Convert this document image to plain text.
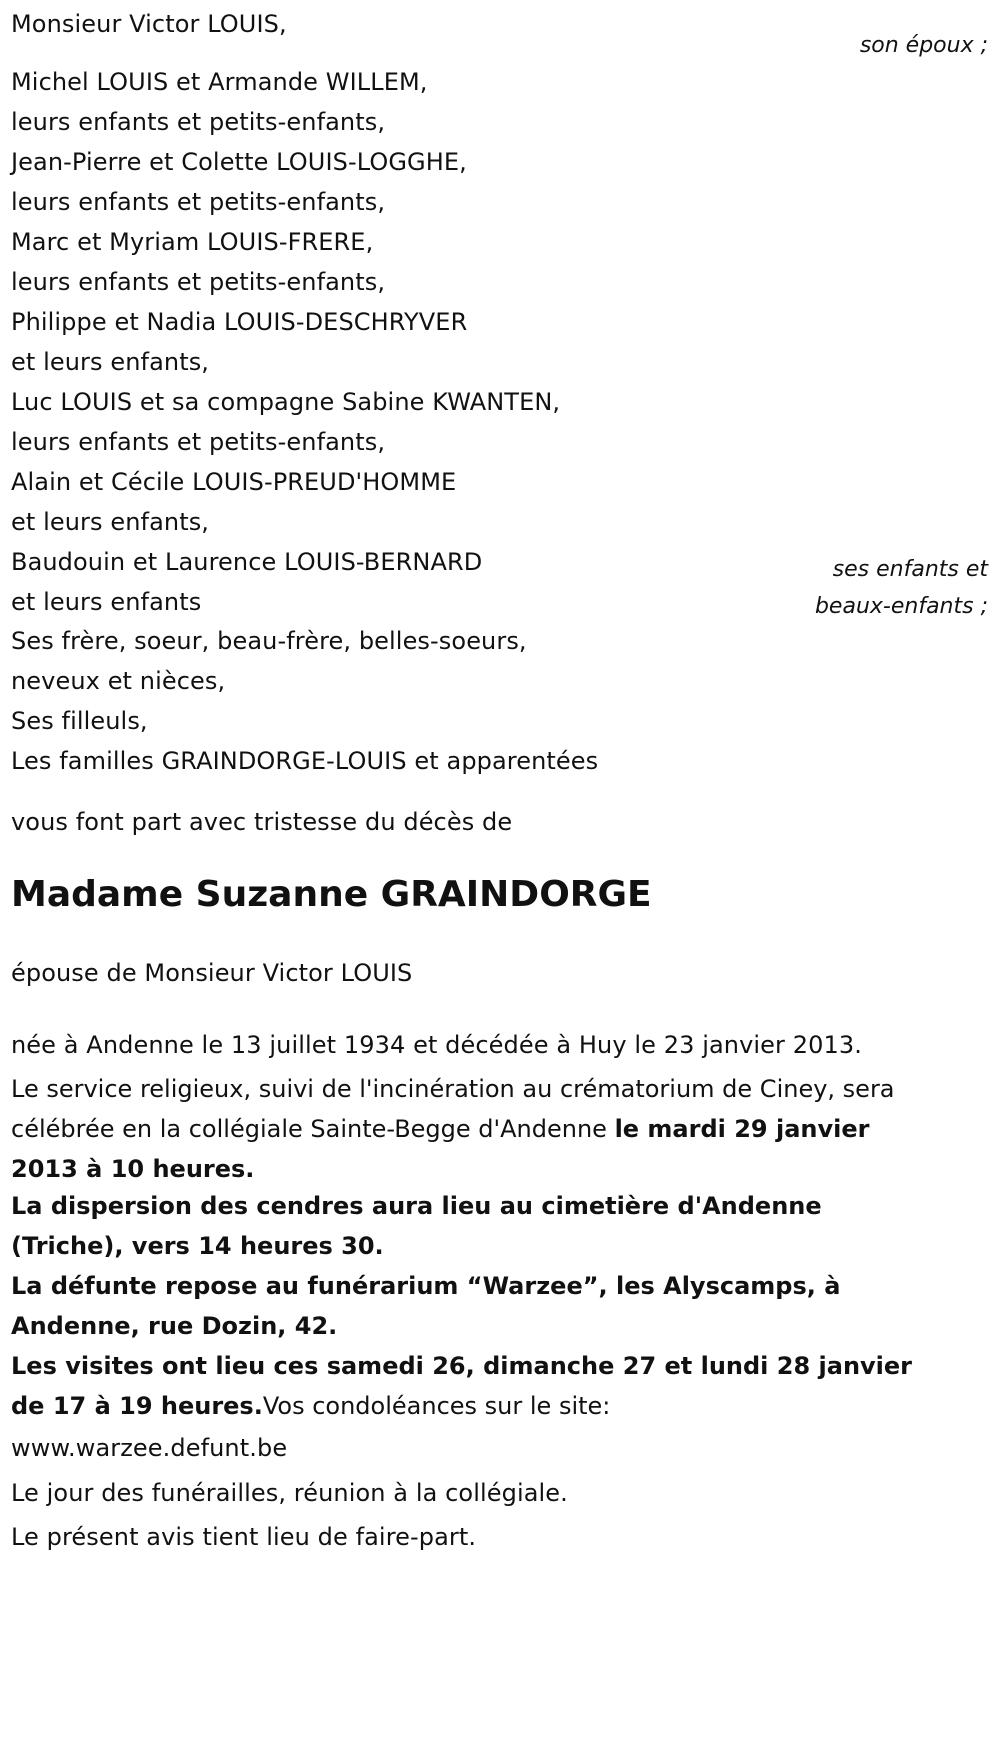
Monsieur Victor LOUIS,
son époux ;
Michel LOUIS et Armande WILLEM,
leurs enfants et petits-enfants,
Jean-Pierre et Colette LOUIS-LOGGHE,
leurs enfants et petits-enfants,
Marc et Myriam LOUIS-FRERE,
leurs enfants et petits-enfants,
Philippe et Nadia LOUIS-DESCHRYVER
et leurs enfants,
Luc LOUIS et sa compagne Sabine KWANTEN,
leurs enfants et petits-enfants,
Alain et Cécile LOUIS-PREUD'HOMME
et leurs enfants,
Baudouin et Laurence LOUIS-BERNARD
et leurs enfants
ses enfants et
beaux-enfants ;
Ses frère, soeur, beau-frère, belles-soeurs,
neveux et nièces,
Ses filleuls,
Les familles GRAINDORGE-LOUIS et apparentées
vous font part avec tristesse du décès de
Madame Suzanne GRAINDORGE
épouse de Monsieur Victor LOUIS
née à Andenne le 13 juillet 1934 et décédée à Huy le 23 janvier 2013.
Le service religieux, suivi de l'incinération au crématorium de Ciney, sera célébrée en la collégiale Sainte-Begge d'Andenne le mardi 29 janvier 2013 à 10 heures.
La dispersion des cendres aura lieu au cimetière d'Andenne (Triche), vers 14 heures 30.
La défunte repose au funérarium “Warzee”, les Alyscamps, à Andenne, rue Dozin, 42.
Les visites ont lieu ces samedi 26, dimanche 27 et lundi 28 janvier de 17 à 19 heures.Vos condoléances sur le site:
www.warzee.defunt.be
Le jour des funérailles, réunion à la collégiale.
Le présent avis tient lieu de faire-part.
